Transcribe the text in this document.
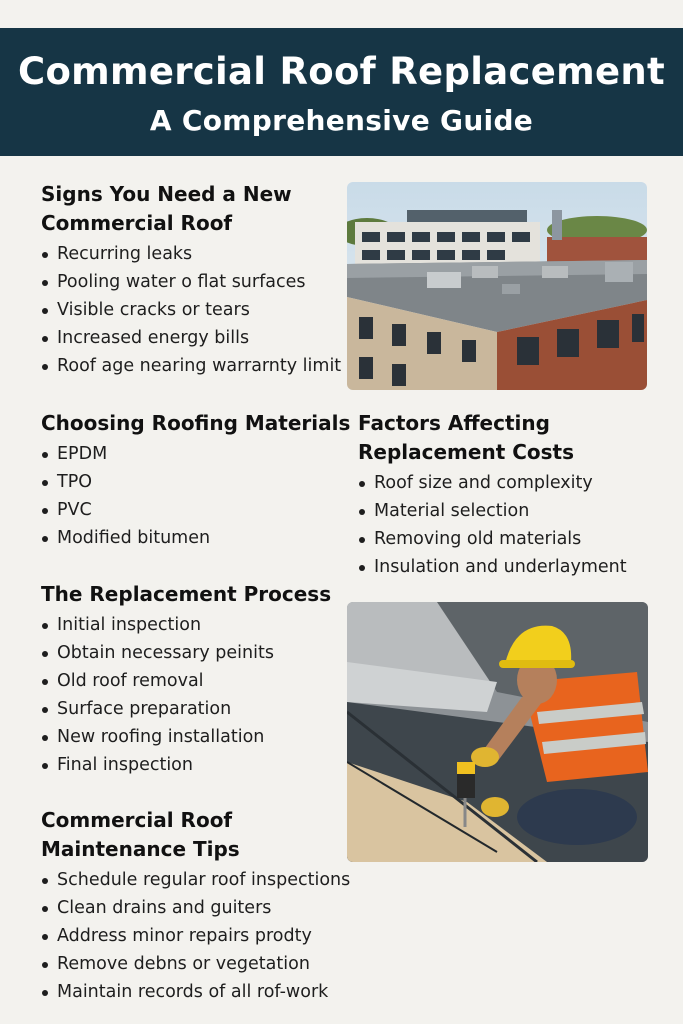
Commercial Roof Replacement
A Comprehensive Guide
Signs You Need a New
Commercial Roof
Recurring leaks
Pooling water o flat surfaces
Visible cracks or tears
Increased energy bills
Roof age nearing warrarnty limit
Choosing Roofing Materials
EPDM
TPO
PVC
Modified bitumen
Factors Affecting
Replacement Costs
Roof size and complexity
Material selection
Removing old materials
Insulation and underlayment
The Replacement Process
Initial inspection
Obtain necessary peinits
Old roof removal
Surface preparation
New roofing installation
Final inspection
Commercial Roof
Maintenance Tips
Schedule regular roof inspections
Clean drains and guiters
Address minor repairs prodty
Remove debns or vegetation
Maintain records of all rof-work
